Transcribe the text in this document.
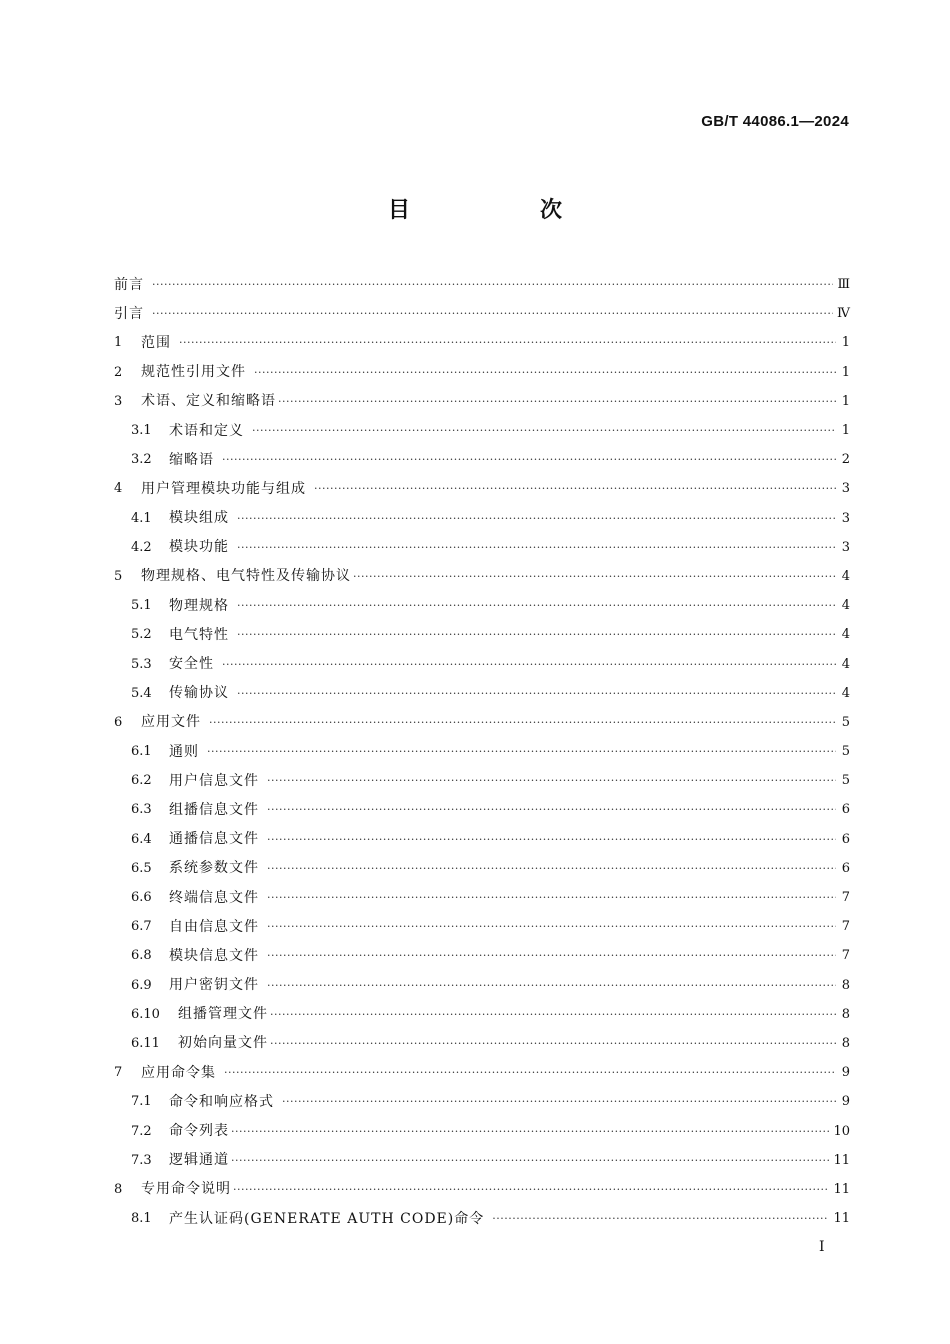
GB/T 44086.1—2024
目　次
前言 ·····	Ⅲ
引言 ·····	Ⅳ
1	范围 ·····	1
2	规范性引用文件 ·····	1
3	术语、定义和缩略语 ·····	1
3.1	术语和定义 ·····	1
3.2	缩略语 ·····	2
4	用户管理模块功能与组成 ·····	3
4.1	模块组成 ·····	3
4.2	模块功能 ·····	3
5	物理规格、电气特性及传输协议 ·····	4
5.1	物理规格 ·····	4
5.2	电气特性 ·····	4
5.3	安全性 ·····	4
5.4	传输协议 ·····	4
6	应用文件 ·····	5
6.1	通则 ·····	5
6.2	用户信息文件 ·····	5
6.3	组播信息文件 ·····	6
6.4	通播信息文件 ·····	6
6.5	系统参数文件 ·····	6
6.6	终端信息文件 ·····	7
6.7	自由信息文件 ·····	7
6.8	模块信息文件 ·····	7
6.9	用户密钥文件 ·····	8
6.10	组播管理文件 ·····	8
6.11	初始向量文件 ·····	8
7	应用命令集 ·····	9
7.1	命令和响应格式 ·····	9
7.2	命令列表 ·····	10
7.3	逻辑通道 ·····	11
8	专用命令说明 ·····	11
8.1	产生认证码(GENERATE AUTH CODE)命令 ·····	11
I
